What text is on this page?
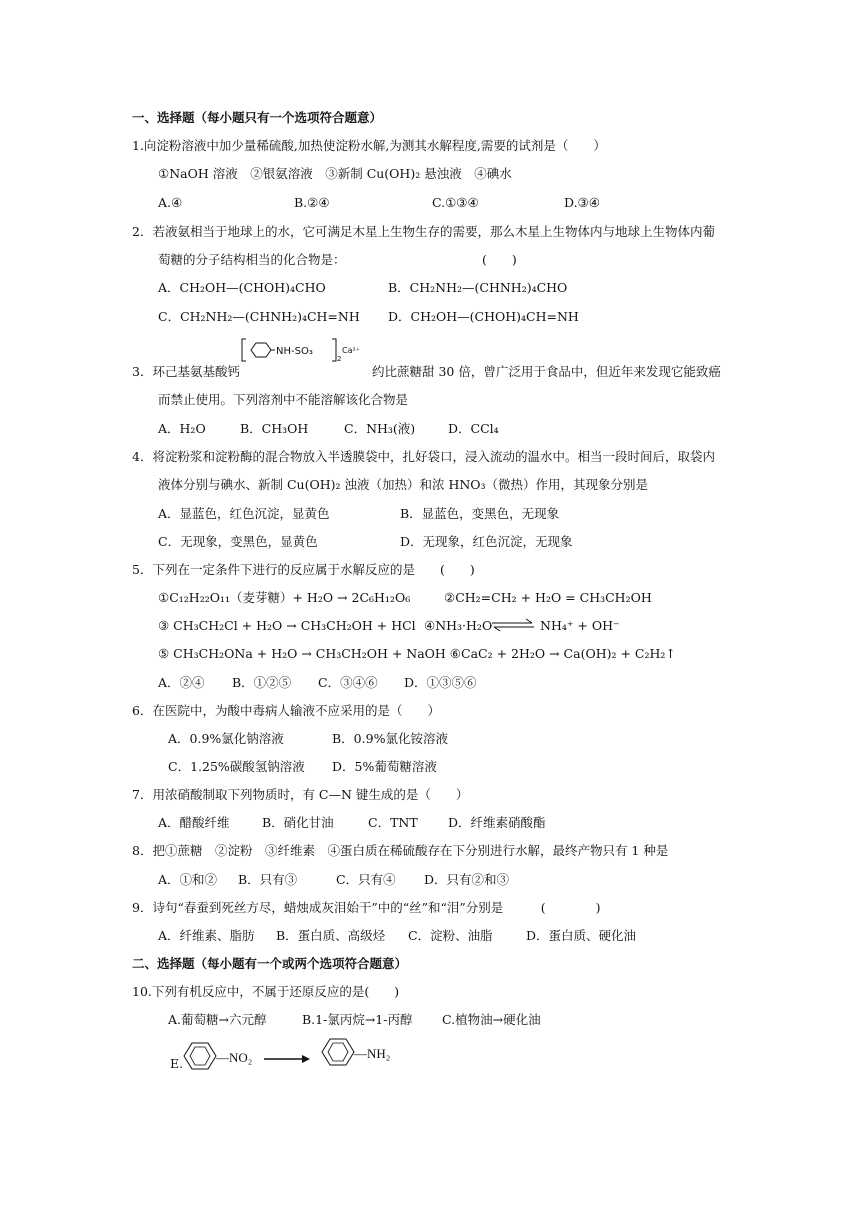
一、选择题（每小题只有一个选项符合题意）
1.向淀粉溶液中加少量稀硫酸,加热使淀粉水解,为测其水解程度,需要的试剂是（　　）
①NaOH 溶液　②银氨溶液　③新制 Cu(OH)₂ 悬浊液　④碘水
A.④	B.②④	C.①③④	D.③④
2．若液氨相当于地球上的水，它可满足木星上生物生存的需要，那么木星上生物体内与地球上生物体内葡
萄糖的分子结构相当的化合物是：	(　　)
A．CH₂OH—(CHOH)₄CHO	B．CH₂NH₂—(CHNH₂)₄CHO
C．CH₂NH₂—(CHNH₂)₄CH=NH D．CH₂OH—(CHOH)₄CH=NH
NH-SO₃
2
Ca²⁺
3．环己基氨基酸钙	约比蔗糖甜 30 倍，曾广泛用于食品中，但近年来发现它能致癌
而禁止使用。下列溶剂中不能溶解该化合物是
A．H₂O	B．CH₃OH	C．NH₃(液)	D．CCl₄
4．将淀粉浆和淀粉酶的混合物放入半透膜袋中，扎好袋口，浸入流动的温水中。相当一段时间后，取袋内
液体分别与碘水、新制 Cu(OH)₂ 浊液（加热）和浓 HNO₃（微热）作用，其现象分别是
A．显蓝色，红色沉淀，显黄色	B．显蓝色，变黑色，无现象
C．无现象，变黑色，显黄色	D．无现象，红色沉淀，无现象
5．下列在一定条件下进行的反应属于水解反应的是　　(　　)
①C₁₂H₂₂O₁₁（麦芽糖）+ H₂O → 2C₆H₁₂O₆	②CH₂=CH₂ + H₂O = CH₃CH₂OH
③ CH₃CH₂Cl + H₂O → CH₃CH₂OH + HCl ④NH₃·H₂O ⇌ NH₄⁺ + OH⁻
⑤ CH₃CH₂ONa + H₂O → CH₃CH₂OH + NaOH ⑥CaC₂ + 2H₂O → Ca(OH)₂ + C₂H₂↑
A．②④ B．①②⑤ C．③④⑥ D．①③⑤⑥
6．在医院中，为酸中毒病人输液不应采用的是（　　）
A．0.9%氯化钠溶液	B．0.9%氯化铵溶液
C．1.25%碳酸氢钠溶液 D．5%葡萄糖溶液
7．用浓硝酸制取下列物质时，有 C—N 键生成的是（　　）
A．醋酸纤维	B．硝化甘油	C．TNT D．纤维素硝酸酯
8．把①蔗糖　②淀粉　③纤维素　④蛋白质在稀硫酸存在下分别进行水解，最终产物只有 1 种是
A．①和② B．只有③	C．只有④ D．只有②和③
9．诗句“春蚕到死丝方尽，蜡烛成灰泪始干”中的“丝”和“泪”分别是　　　(　　　　)
A．纤维素、脂肪 B．蛋白质、高级烃 C．淀粉、油脂	D．蛋白质、硬化油
二、选择题（每小题有一个或两个选项符合题意）
10.下列有机反应中，不属于还原反应的是(　　)
A.葡萄糖→六元醇	B.1-氯丙烷→1-丙醇 C.植物油→硬化油
E.	—NO₂	—NH₂
